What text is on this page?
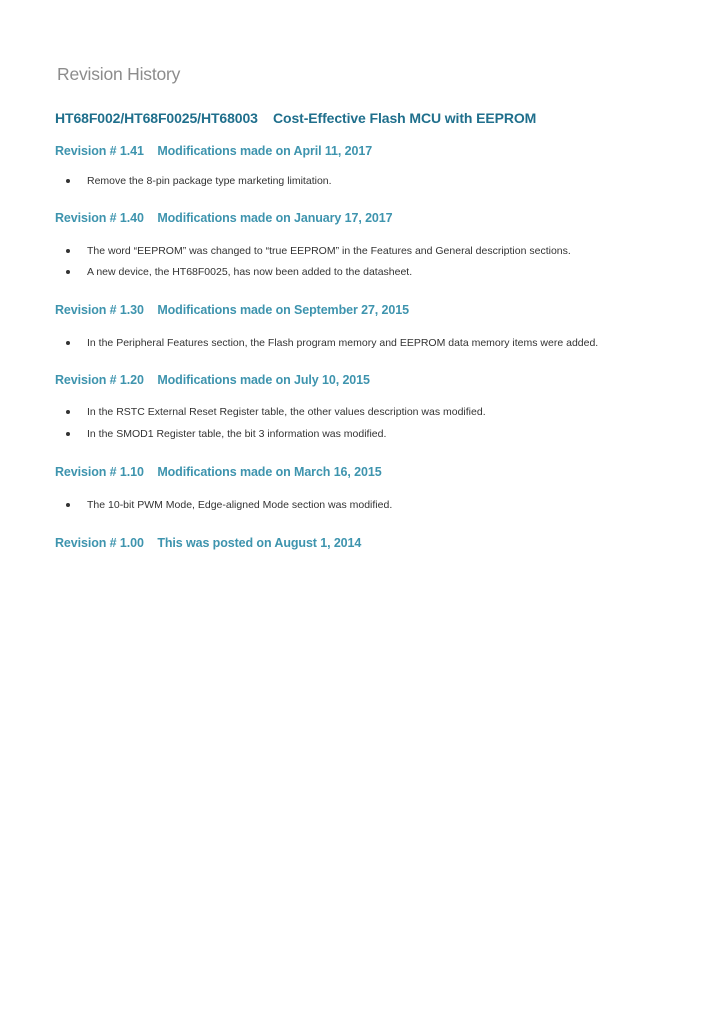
Revision History
HT68F002/HT68F0025/HT68003    Cost-Effective Flash MCU with EEPROM
Revision # 1.41    Modifications made on April 11, 2017
Remove the 8-pin package type marketing limitation.
Revision # 1.40    Modifications made on January 17, 2017
The word “EEPROM” was changed to “true EEPROM” in the Features and General description sections.
A new device, the HT68F0025, has now been added to the datasheet.
Revision # 1.30    Modifications made on September 27, 2015
In the Peripheral Features section, the Flash program memory and EEPROM data memory items were added.
Revision # 1.20    Modifications made on July 10, 2015
In the RSTC External Reset Register table, the other values description was modified.
In the SMOD1 Register table, the bit 3 information was modified.
Revision # 1.10    Modifications made on March 16, 2015
The 10-bit PWM Mode, Edge-aligned Mode section was modified.
Revision # 1.00    This was posted on August 1, 2014
